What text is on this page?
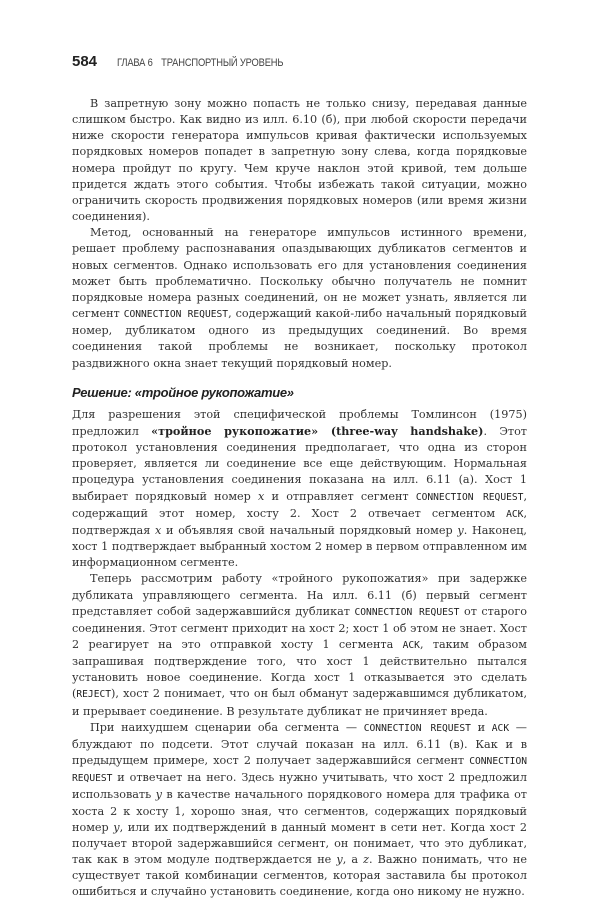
584 ГЛАВА 6 ТРАНСПОРТНЫЙ УРОВЕНЬ

В запретную зону можно попасть не только снизу, передавая данные слишком быстро. Как видно из илл. 6.10 (б), при любой скорости передачи ниже скорости генератора импульсов кривая фактически используемых порядковых номеров попадет в запретную зону слева, когда порядковые номера пройдут по кругу. Чем круче наклон этой кривой, тем дольше придется ждать этого события. Чтобы избежать такой ситуации, можно ограничить скорость продвижения порядковых номеров (или время жизни соединения).

Метод, основанный на генераторе импульсов истинного времени, решает проблему распознавания опаздывающих дубликатов сегментов и новых сегментов. Однако использовать его для установления соединения может быть проблематично. Поскольку обычно получатель не помнит порядковые номера разных соединений, он не может узнать, является ли сегмент CONNECTION REQUEST, содержащий какой-либо начальный порядковый номер, дубликатом одного из предыдущих соединений. Во время соединения такой проблемы не возникает, поскольку протокол раздвижного окна знает текущий порядковый номер.

Решение: «тройное рукопожатие»

Для разрешения этой специфической проблемы Томлинсон (1975) предложил «тройное рукопожатие» (three-way handshake). Этот протокол установления соединения предполагает, что одна из сторон проверяет, является ли соединение все еще действующим. Нормальная процедура установления соединения показана на илл. 6.11 (а). Хост 1 выбирает порядковый номер x и отправляет сегмент CONNECTION REQUEST, содержащий этот номер, хосту 2. Хост 2 отвечает сегментом ACK, подтверждая x и объявляя свой начальный порядковый номер y. Наконец, хост 1 подтверждает выбранный хостом 2 номер в первом отправленном им информационном сегменте.

Теперь рассмотрим работу «тройного рукопожатия» при задержке дубликата управляющего сегмента. На илл. 6.11 (б) первый сегмент представляет собой задержавшийся дубликат CONNECTION REQUEST от старого соединения. Этот сегмент приходит на хост 2; хост 1 об этом не знает. Хост 2 реагирует на это отправкой хосту 1 сегмента ACK, таким образом запрашивая подтверждение того, что хост 1 действительно пытался установить новое соединение. Когда хост 1 отказывается это сделать (REJECT), хост 2 понимает, что он был обманут задержавшимся дубликатом, и прерывает соединение. В результате дубликат не причиняет вреда.

При наихудшем сценарии оба сегмента — CONNECTION REQUEST и ACK — блуждают по подсети. Этот случай показан на илл. 6.11 (в). Как и в предыдущем примере, хост 2 получает задержавшийся сегмент CONNECTION REQUEST и отвечает на него. Здесь нужно учитывать, что хост 2 предложил использовать y в качестве начального порядкового номера для трафика от хоста 2 к хосту 1, хорошо зная, что сегментов, содержащих порядковый номер y, или их подтверждений в данный момент в сети нет. Когда хост 2 получает второй задержавшийся сегмент, он понимает, что это дубликат, так как в этом модуле подтверждается не y, а z. Важно понимать, что не существует такой комбинации сегментов, которая заставила бы протокол ошибиться и случайно установить соединение, когда оно никому не нужно.
